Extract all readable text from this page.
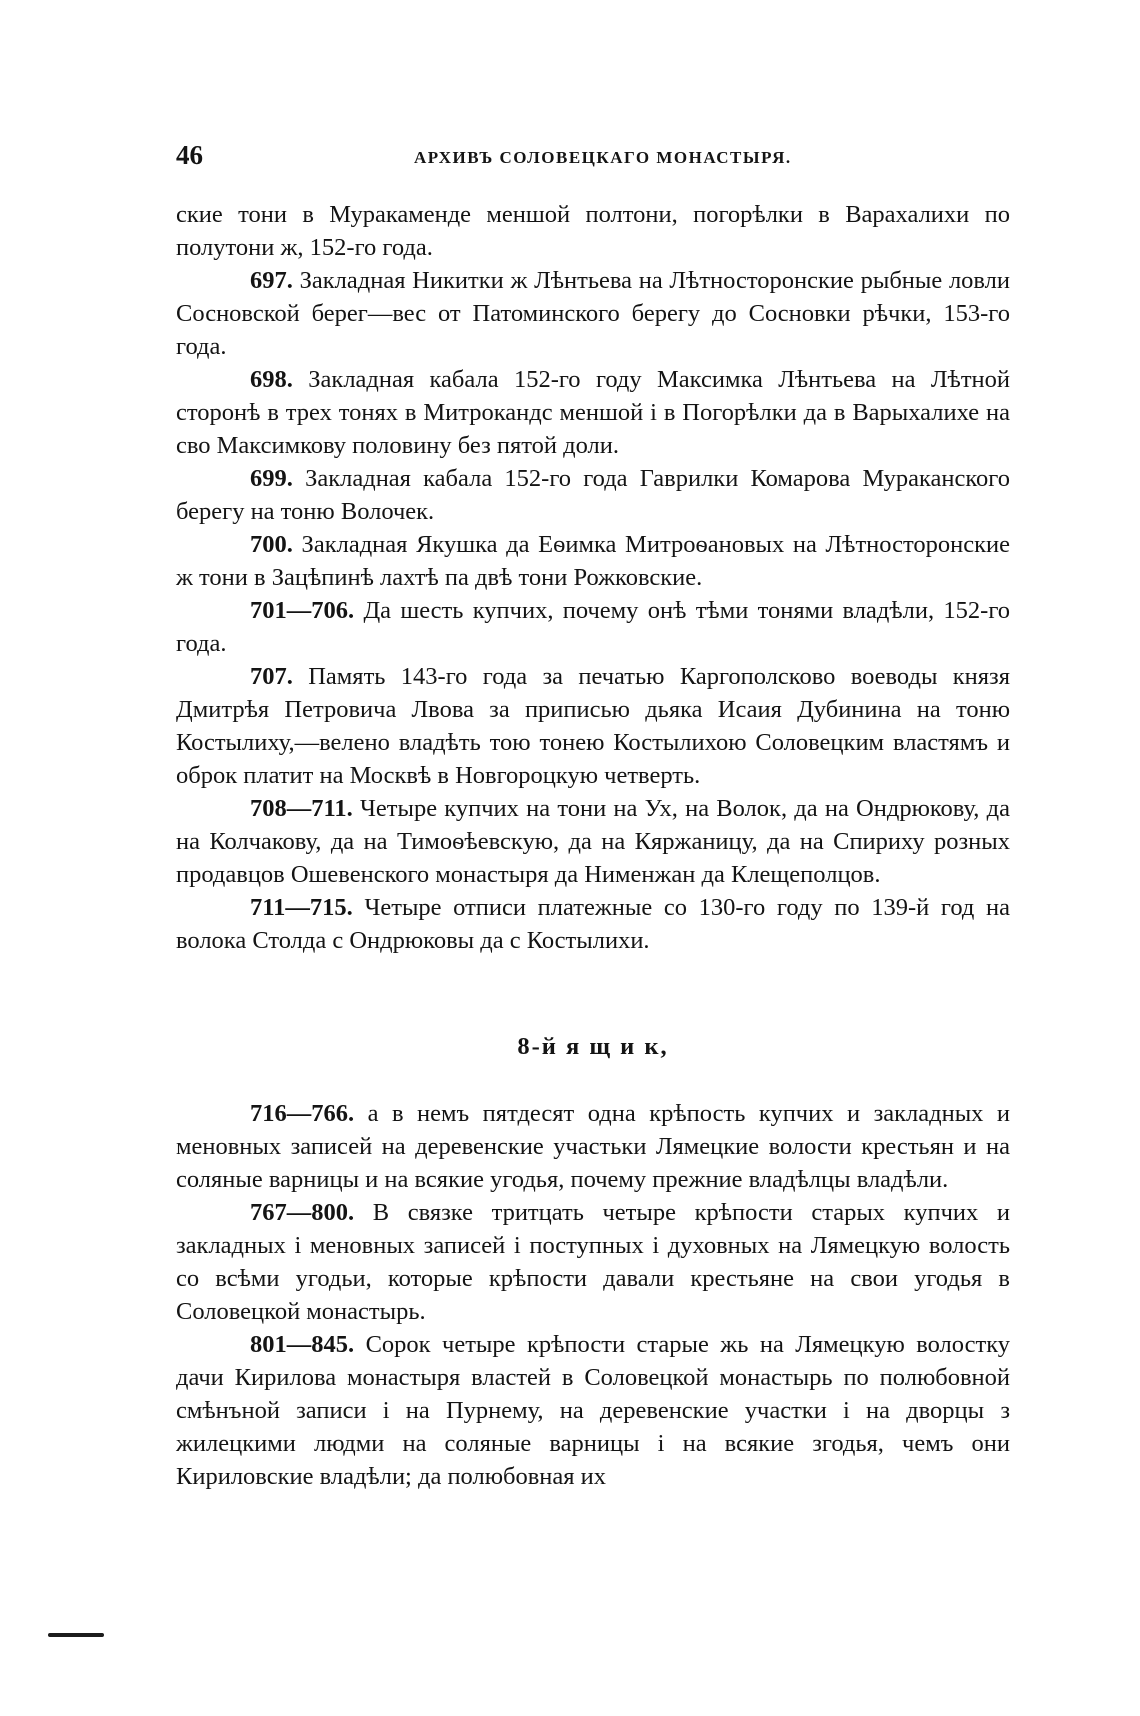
46	АРХИВЪ СОЛОВЕЦКАГО МОНАСТЫРЯ.

ские тони в Муракаменде меншой полтони, погорѣлки в Варахалихи по полутони ж, 152-го года.

697. Закладная Никитки ж Лѣнтьева на Лѣтносторонские рыбные ловли Сосновской берег—вес от Патоминского берегу до Сосновки рѣчки, 153-го года.

698. Закладная кабала 152-го году Максимка Лѣнтьева на Лѣтной сторонѣ в трех тонях в Митрокандс меншой і в Погорѣлки да в Варыхалихе на сво Максимкову половину без пятой доли.

699. Закладная кабала 152-го года Гаврилки Комарова Мураканского берегу на тоню Волочек.

700. Закладная Якушка да Еѳимка Митроѳановых на Лѣтносторонские ж тони в Зацѣпинѣ лахтѣ па двѣ тони Рожковские.

701—706. Да шесть купчих, почему онѣ тѣми тонями владѣли, 152-го года.

707. Память 143-го года за печатью Каргополсково воеводы князя Дмитрѣя Петровича Лвова за приписью дьяка Исаия Дубинина на тоню Костылиху,—велено владѣть тою тонею Костылихою Соловецким властямъ и оброк платит на Москвѣ в Новгороцкую четверть.

708—711. Четыре купчих на тони на Ух, на Волок, да на Ондрюкову, да на Колчакову, да на Тимоѳѣевскую, да на Кяржаницу, да на Спириху розных продавцов Ошевенского монастыря да Нименжан да Клещеполцов.

711—715. Четыре отписи платежные со 130-го году по 139-й год на волока Столда с Ондрюковы да с Костылихи.

8-й я щ и к,

716—766. а в немъ пятдесят одна крѣпость купчих и закладных и меновных записей на деревенские участьки Лямецкие волости крестьян и на соляные варницы и на всякие угодья, почему прежние владѣлцы владѣли.

767—800. В связке тритцать четыре крѣпости старых купчих и закладных і меновных записей і поступных і духовных на Лямецкую волость со всѣми угодьи, которые крѣпости давали крестьяне на свои угодья в Соловецкой монастырь.

801—845. Сорок четыре крѣпости старые жь на Лямецкую волостку дачи Кирилова монастыря властей в Соловецкой монастырь по полюбовной смѣнъной записи і на Пурнему, на деревенские участки і на дворцы з жилецкими людми на соляные варницы і на всякие згодья, чемъ они Кириловские владѣли; да полюбовная их
